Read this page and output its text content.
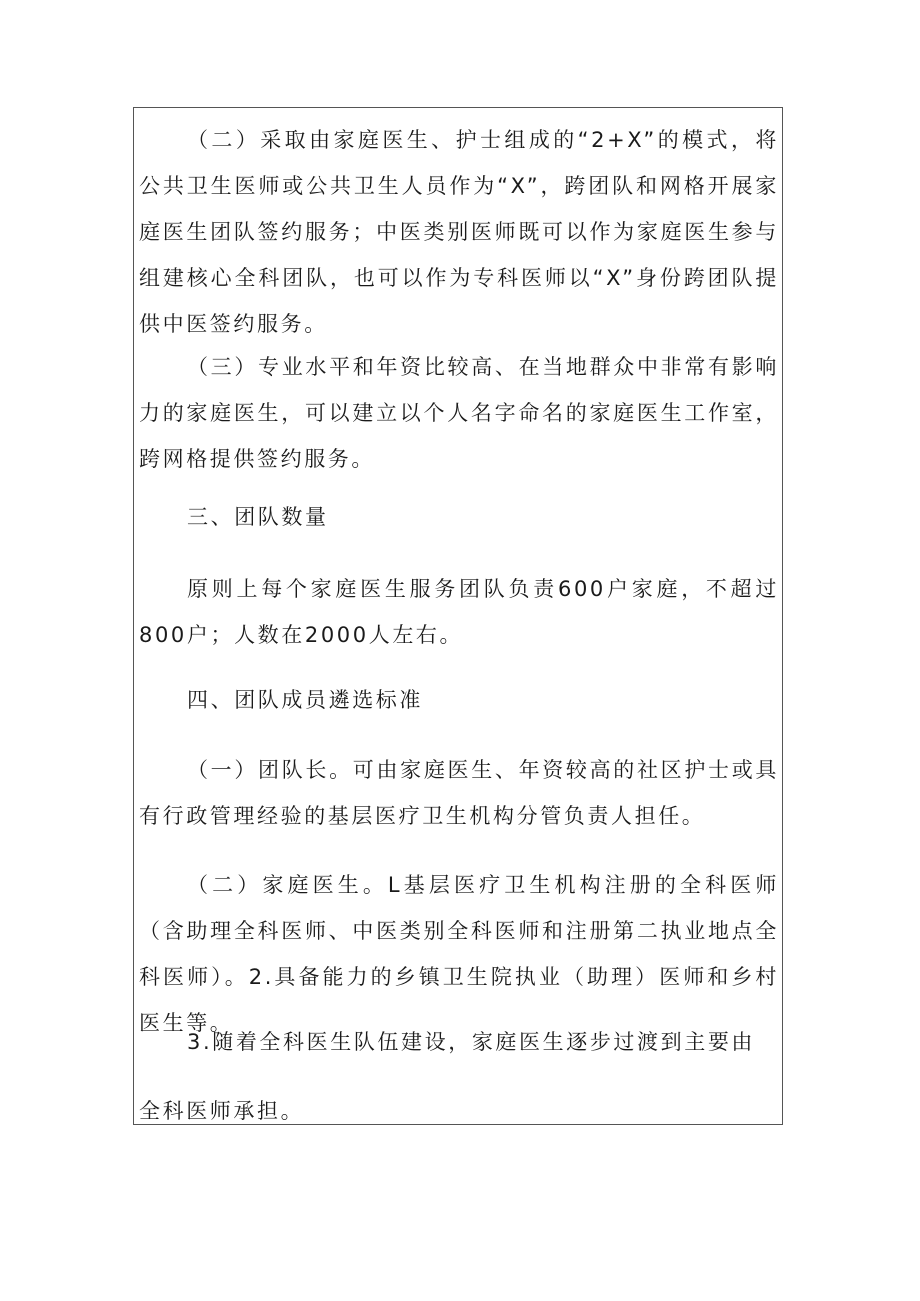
（二）采取由家庭医生、护士组成的“2+X”的模式，将公共卫生医师或公共卫生人员作为“X”，跨团队和网格开展家庭医生团队签约服务；中医类别医师既可以作为家庭医生参与组建核心全科团队，也可以作为专科医师以“X”身份跨团队提供中医签约服务。

（三）专业水平和年资比较高、在当地群众中非常有影响力的家庭医生，可以建立以个人名字命名的家庭医生工作室，跨网格提供签约服务。

三、团队数量

原则上每个家庭医生服务团队负责600户家庭，不超过800户；人数在2000人左右。

四、团队成员遴选标准

（一）团队长。可由家庭医生、年资较高的社区护士或具有行政管理经验的基层医疗卫生机构分管负责人担任。

（二）家庭医生。L基层医疗卫生机构注册的全科医师（含助理全科医师、中医类别全科医师和注册第二执业地点全科医师）。2.具备能力的乡镇卫生院执业（助理）医师和乡村医生等。

3.随着全科医生队伍建设，家庭医生逐步过渡到主要由

全科医师承担。
